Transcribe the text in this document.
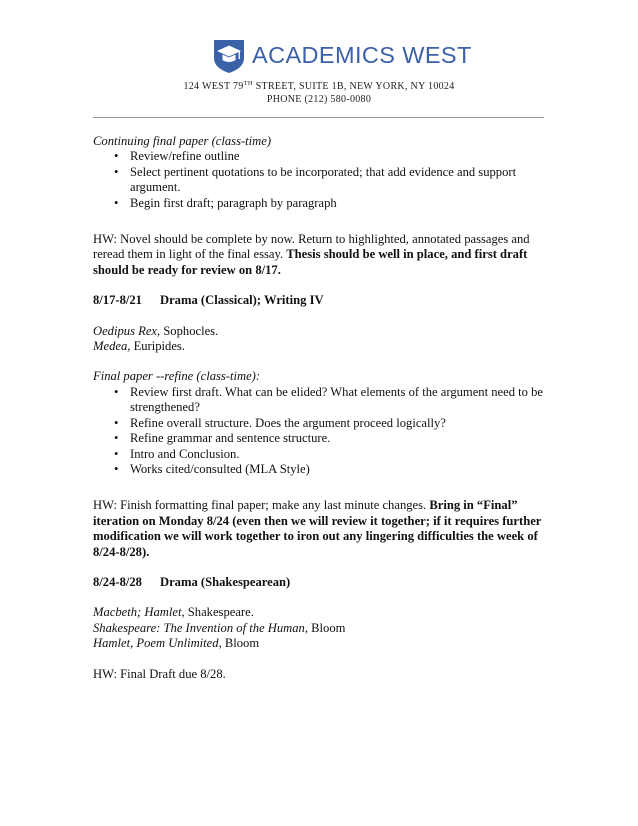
ACADEMICS WEST
124 WEST 79TH STREET, SUITE 1B, NEW YORK, NY 10024
PHONE (212) 580-0080

Continuing final paper (class-time)

• Review/refine outline
• Select pertinent quotations to be incorporated; that add evidence and support argument.
• Begin first draft; paragraph by paragraph

HW: Novel should be complete by now. Return to highlighted, annotated passages and reread them in light of the final essay. Thesis should be well in place, and first draft should be ready for review on 8/17.

8/17-8/21 Drama (Classical); Writing IV

Oedipus Rex, Sophocles.

Medea, Euripides.

Final paper --refine (class-time):

• Review first draft. What can be elided? What elements of the argument need to be strengthened?
• Refine overall structure. Does the argument proceed logically?
• Refine grammar and sentence structure.
• Intro and Conclusion.
• Works cited/consulted (MLA Style)

HW: Finish formatting final paper; make any last minute changes. Bring in “Final” iteration on Monday 8/24 (even then we will review it together; if it requires further modification we will work together to iron out any lingering difficulties the week of 8/24-8/28).

8/24-8/28 Drama (Shakespearean)

Macbeth; Hamlet, Shakespeare.

Shakespeare: The Invention of the Human, Bloom

Hamlet, Poem Unlimited, Bloom

HW: Final Draft due 8/28.
